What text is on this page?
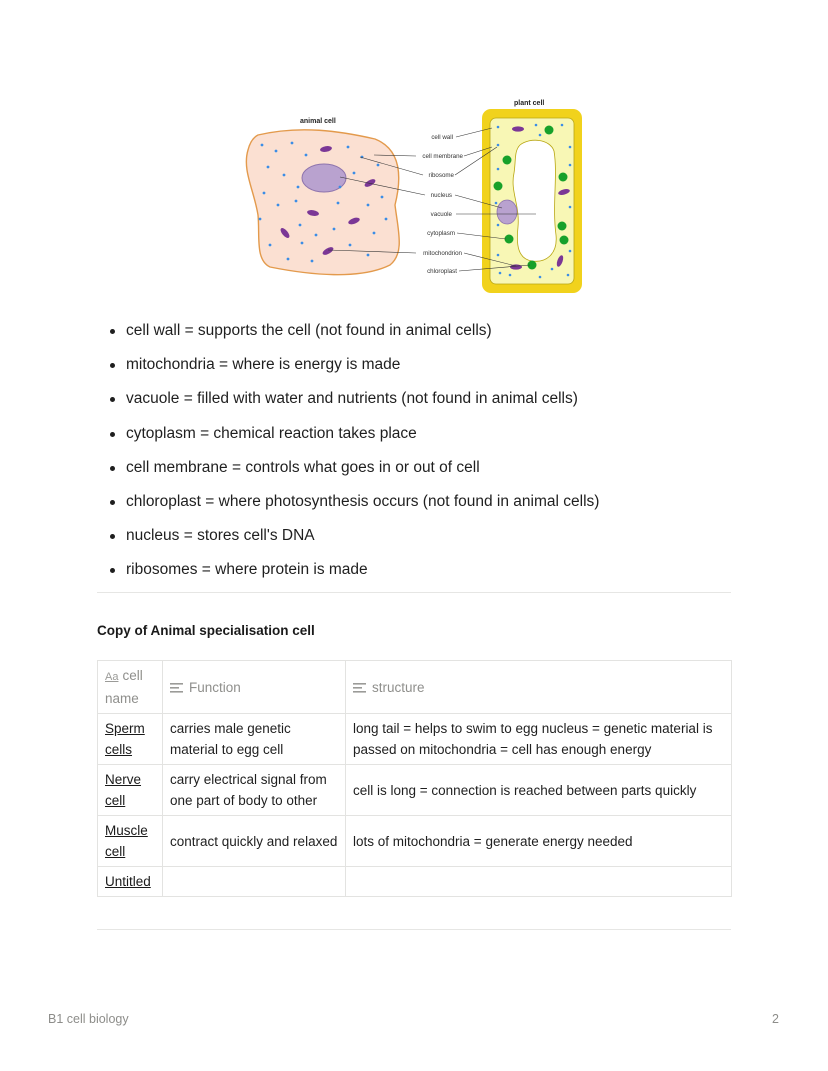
animal cell
plant cell
cell wall
cell membrane
ribosome
nucleus
vacuole
cytoplasm
mitochondrion
chloroplast
cell wall = supports the cell (not found in animal cells)
mitochondria = where is energy is made
vacuole = filled with water and nutrients (not found in animal cells)
cytoplasm = chemical reaction takes place
cell membrane = controls what goes in or out of cell
chloroplast = where photosynthesis occurs (not found in animal cells)
nucleus = stores cell's DNA
ribosomes = where protein is made
Copy of Animal specialisation cell
Aa cell name	Function	structure
Sperm cells	carries male genetic material to egg cell	long tail = helps to swim to egg nucleus = genetic material is passed on mitochondria = cell has enough energy
Nerve cell	carry electrical signal from one part of body to other	cell is long = connection is reached between parts quickly
Muscle cell	contract quickly and relaxed	lots of mitochondria = generate energy needed
Untitled		
B1 cell biology	2
